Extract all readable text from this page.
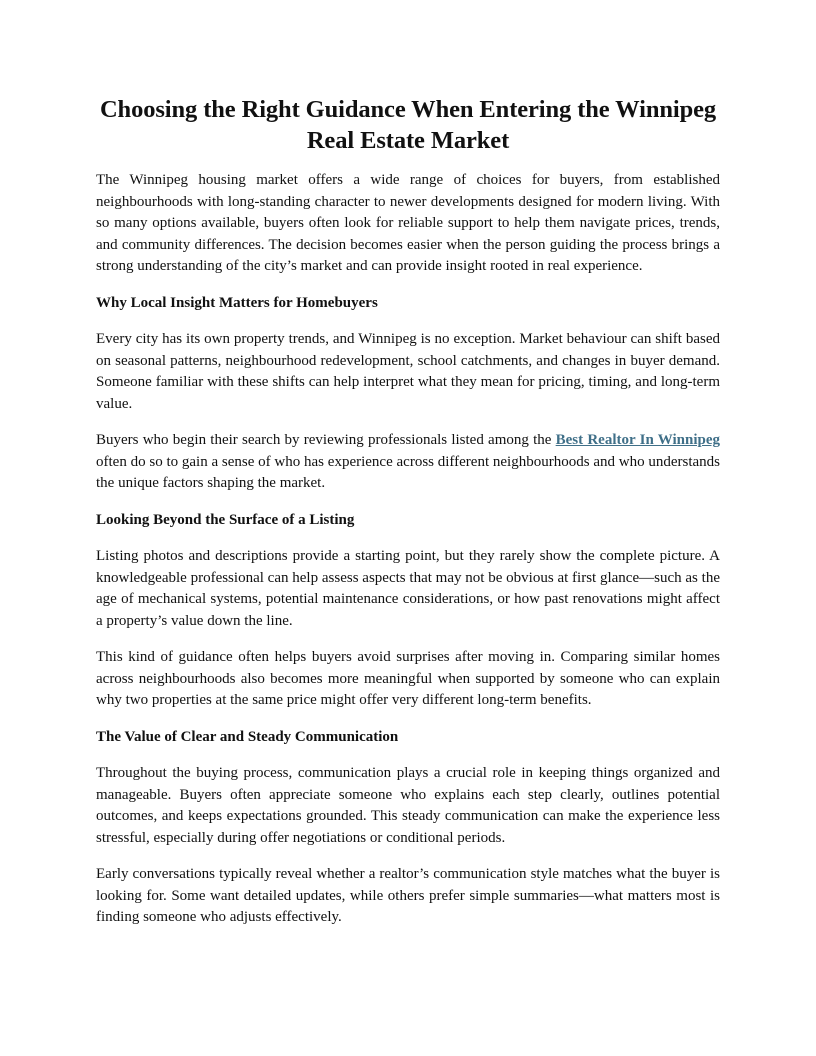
Choosing the Right Guidance When Entering the Winnipeg
Real Estate Market

The Winnipeg housing market offers a wide range of choices for buyers, from established neighbourhoods with long-standing character to newer developments designed for modern living. With so many options available, buyers often look for reliable support to help them navigate prices, trends, and community differences. The decision becomes easier when the person guiding the process brings a strong understanding of the city’s market and can provide insight rooted in real experience.

Why Local Insight Matters for Homebuyers

Every city has its own property trends, and Winnipeg is no exception. Market behaviour can shift based on seasonal patterns, neighbourhood redevelopment, school catchments, and changes in buyer demand. Someone familiar with these shifts can help interpret what they mean for pricing, timing, and long-term value.

Buyers who begin their search by reviewing professionals listed among the Best Realtor In Winnipeg often do so to gain a sense of who has experience across different neighbourhoods and who understands the unique factors shaping the market.

Looking Beyond the Surface of a Listing

Listing photos and descriptions provide a starting point, but they rarely show the complete picture. A knowledgeable professional can help assess aspects that may not be obvious at first glance—such as the age of mechanical systems, potential maintenance considerations, or how past renovations might affect a property’s value down the line.

This kind of guidance often helps buyers avoid surprises after moving in. Comparing similar homes across neighbourhoods also becomes more meaningful when supported by someone who can explain why two properties at the same price might offer very different long-term benefits.

The Value of Clear and Steady Communication

Throughout the buying process, communication plays a crucial role in keeping things organized and manageable. Buyers often appreciate someone who explains each step clearly, outlines potential outcomes, and keeps expectations grounded. This steady communication can make the experience less stressful, especially during offer negotiations or conditional periods.

Early conversations typically reveal whether a realtor’s communication style matches what the buyer is looking for. Some want detailed updates, while others prefer simple summaries—what matters most is finding someone who adjusts effectively.
